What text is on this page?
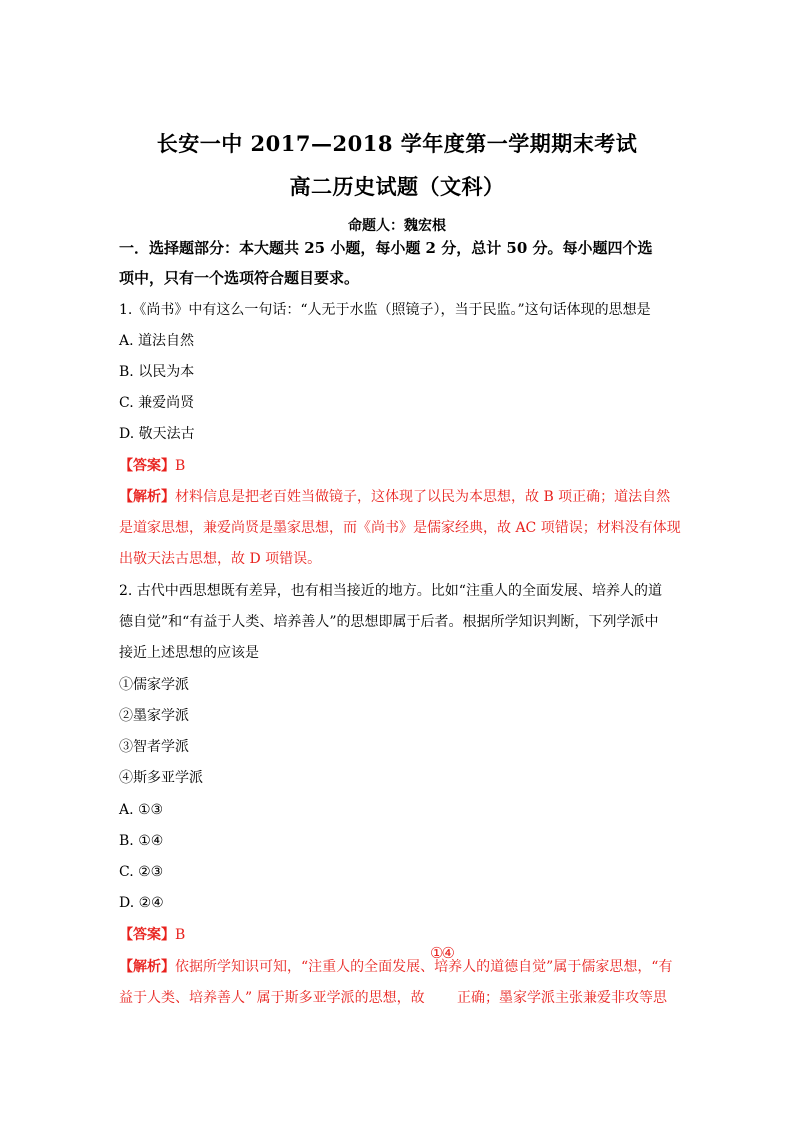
长安一中 2017—2018 学年度第一学期期末考试
高二历史试题（文科）
命题人：魏宏根
一．选择题部分：本大题共 25 小题，每小题 2 分，总计 50 分。每小题四个选
项中，只有一个选项符合题目要求。
1.《尚书》中有这么一句话：“人无于水监（照镜子），当于民监。”这句话体现的思想是
A. 道法自然
B. 以民为本
C. 兼爱尚贤
D. 敬天法古
【答案】B
【解析】材料信息是把老百姓当做镜子，这体现了以民为本思想，故 B 项正确；道法自然
是道家思想，兼爱尚贤是墨家思想，而《尚书》是儒家经典，故 AC 项错误；材料没有体现
出敬天法古思想，故 D 项错误。
2. 古代中西思想既有差异，也有相当接近的地方。比如“注重人的全面发展、培养人的道
德自觉”和“有益于人类、培养善人”的思想即属于后者。根据所学知识判断，下列学派中
接近上述思想的应该是
①儒家学派
②墨家学派
③智者学派
④斯多亚学派
A. ①③
B. ①④
C. ②③
D. ②④
【答案】B
【解析】依据所学知识可知，“注重人的全面发展、培养人的道德自觉”属于儒家思想，“有
①④
益于人类、培养善人” 属于斯多亚学派的思想，故　　 正确；墨家学派主张兼爱非攻等思
